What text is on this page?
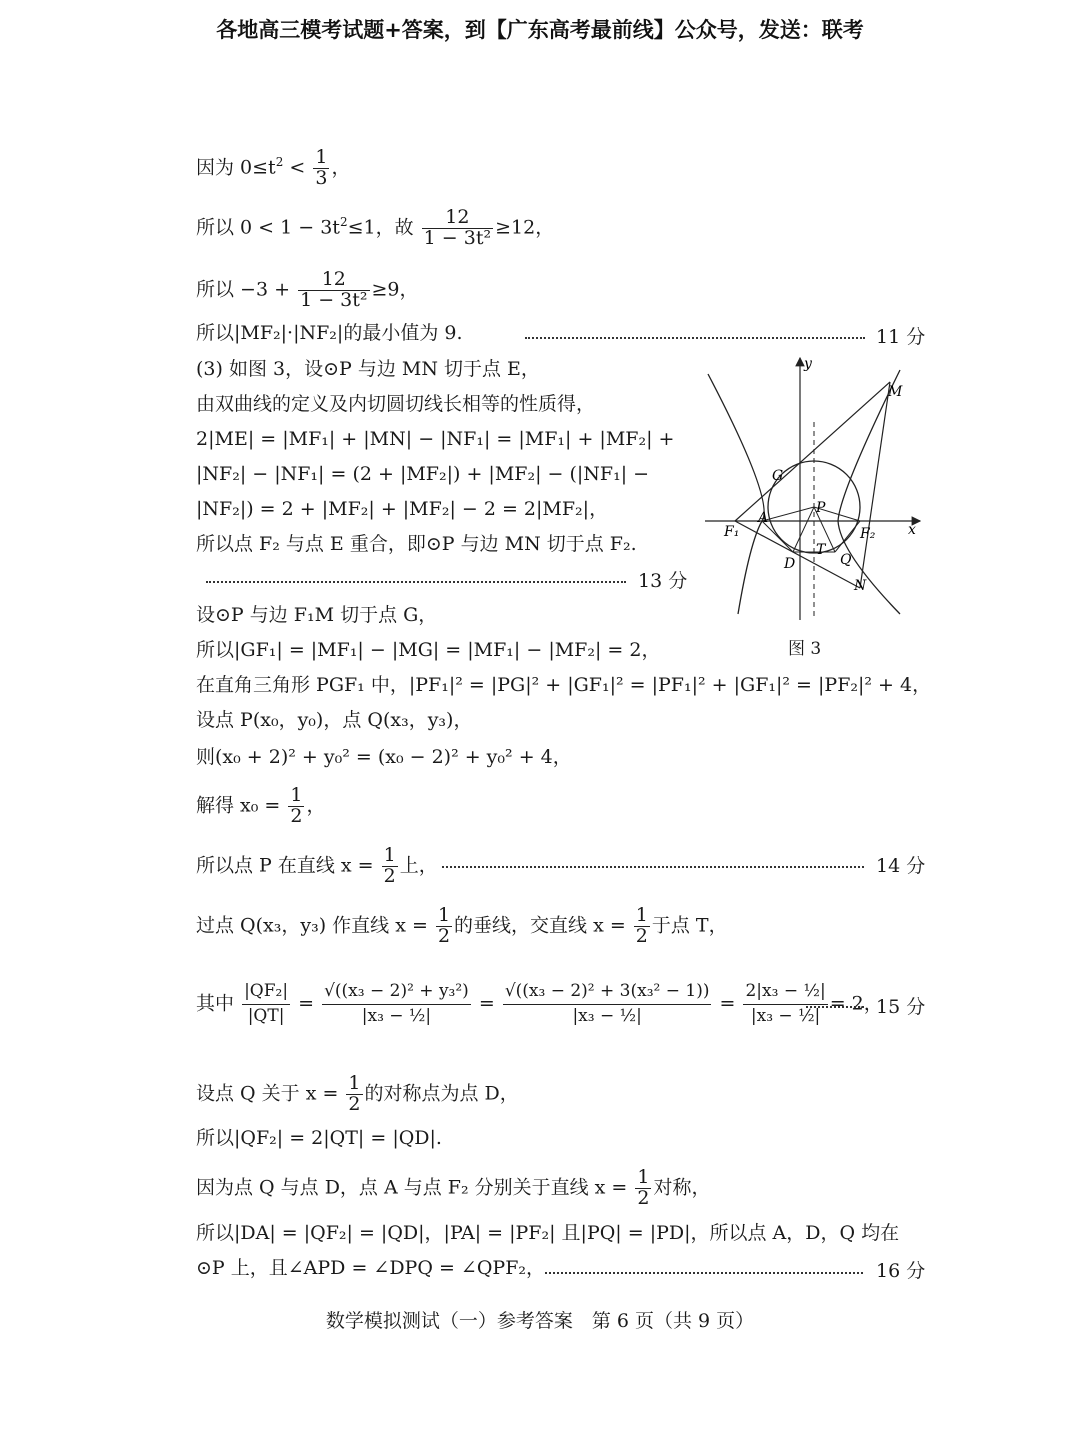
各地高三模考试题+答案，到【广东高考最前线】公众号，发送：联考
因为 $0\le t^2 < \frac{1}{3}$ ，
所以 $0 < 1 - 3t^2\le 1$，故 $\frac{12}{\text{1 − 3t²}} \ge 12$，
所以 $-3 + \frac{12}{\text{1 − 3t²}} \ge 9$，
所以|MF₂|·|NF₂|的最小值为 9.	11 分
(3) 如图 3，设⊙P 与边 MN 切于点 E，
由双曲线的定义及内切圆切线长相等的性质得，
2|ME| = |MF₁| + |MN| − |NF₁| = |MF₁| + |MF₂| +
|NF₂| − |NF₁| = (2 + |MF₂|) + |MF₂| − (|NF₁| −
|NF₂|) = 2 + |MF₂| + |MF₂| − 2 = 2|MF₂|，
所以点 F₂ 与点 E 重合，即⊙P 与边 MN 切于点 F₂.
13 分
y
x
M
G
P
A
F₁	F₂
T
Q
D
N
图 3
设⊙P 与边 F₁M 切于点 G，
所以|GF₁| = |MF₁| − |MG| = |MF₁| − |MF₂| = 2，
在直角三角形 PGF₁ 中，|PF₁|² = |PG|² + |GF₁|² = |PF₁|² + |GF₁|² = |PF₂|² + 4，
设点 P(x₀，y₀)，点 Q(x₃，y₃)，
则(x₀ + 2)² + y₀² = (x₀ − 2)² + y₀² + 4，
解得 $x_0 = \frac{1}{2}$ ，
所以点 P 在直线 $x = \frac{1}{2}$ 上，	14 分
过点 Q(x₃，y₃) 作直线 $x = \frac{1}{2}$ 的垂线，交直线 $x = \frac{1}{2}$ 于点 T，
其中 $\frac{\text{|QF₂|}}{|QT|} = \frac{\text{√((x₃ − 2)² + y₃²)}}{\text{|x₃ − ½|}} = \frac{\text{√((x₃ − 2)² + 3(x₃² − 1))}}{\text{|x₃ − ½|}} = \frac{\text{2|x₃ − ½|}}{\text{|x₃ − ½|}} = 2$，
15 分
设点 Q 关于 $x = \frac{1}{2}$ 的对称点为点 D，
所以|QF₂| = 2|QT| = |QD|.
因为点 Q 与点 D，点 A 与点 F₂ 分别关于直线 $x = \frac{1}{2}$ 对称，
所以|DA| = |QF₂| = |QD|，|PA| = |PF₂| 且|PQ| = |PD|，所以点 A，D，Q 均在
⊙P 上，且∠APD = ∠DPQ = ∠QPF₂，	16 分
数学模拟测试（一）参考答案　第 6 页（共 9 页）
